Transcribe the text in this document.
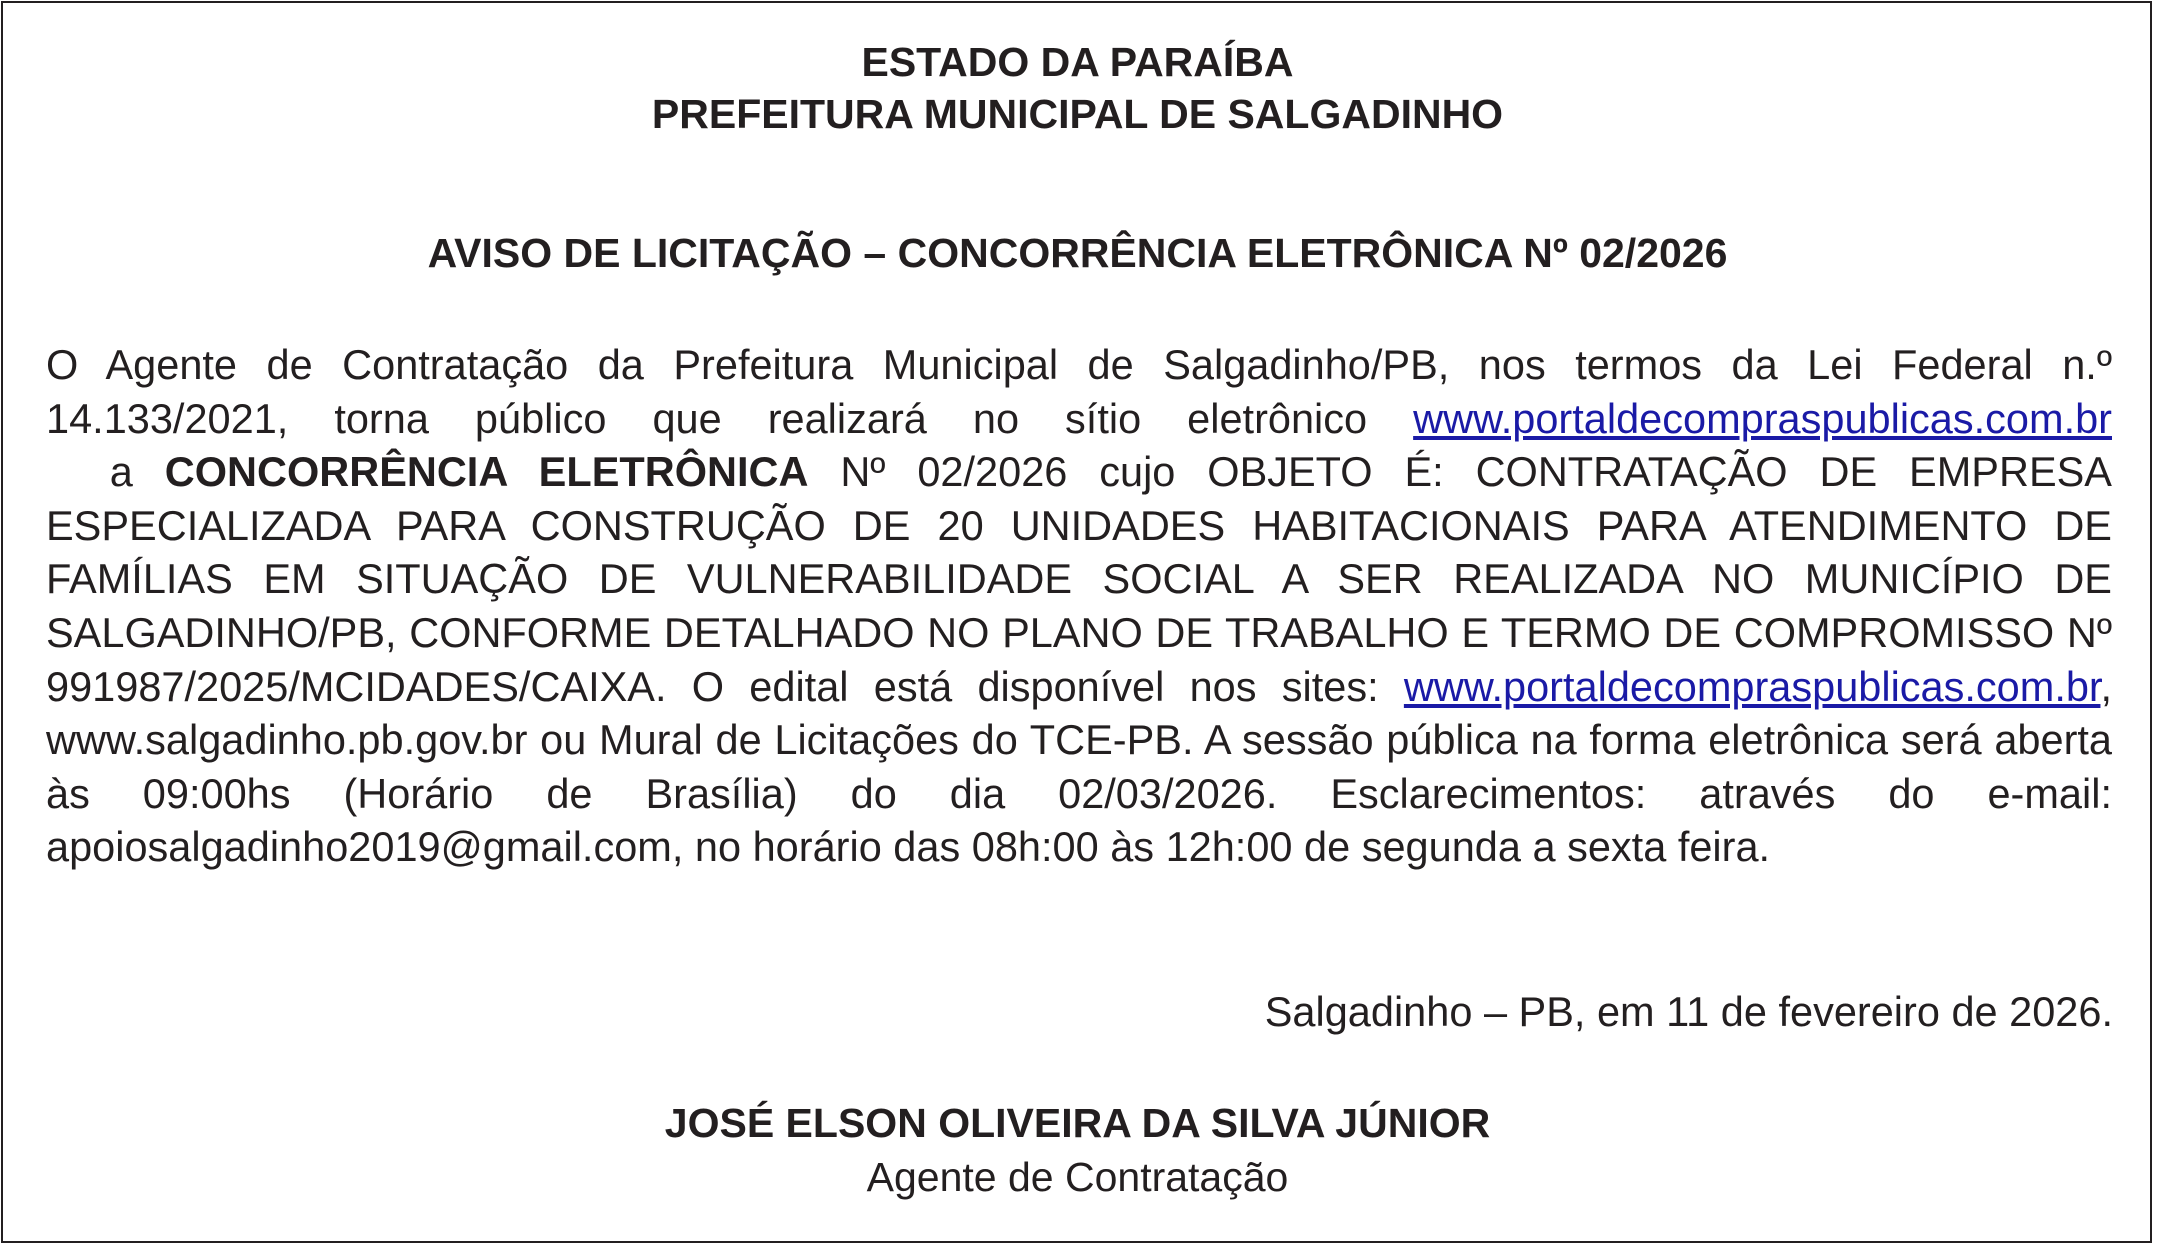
ESTADO DA PARAÍBA
PREFEITURA MUNICIPAL DE SALGADINHO
AVISO DE LICITAÇÃO – CONCORRÊNCIA ELETRÔNICA Nº 02/2026
O Agente de Contratação da Prefeitura Municipal de Salgadinho/PB, nos termos da Lei Federal n.º 14.133/2021, torna público que realizará no sítio eletrônico www.portaldecompraspublicas.com.br  a CONCORRÊNCIA ELETRÔNICA Nº 02/2026 cujo OBJETO É: CONTRATAÇÃO DE EMPRESA ESPECIALIZADA PARA CONSTRUÇÃO DE 20 UNIDADES HABITACIONAIS PARA ATENDIMENTO DE FAMÍLIAS EM SITUAÇÃO DE VULNERABILIDADE SOCIAL A SER REALIZADA NO MUNICÍPIO DE SALGADINHO/PB, CONFORME DETALHADO NO PLANO DE TRABALHO E TERMO DE COMPROMISSO Nº 991987/2025/MCIDADES/CAIXA. O edital está disponível nos sites: www.portaldecompraspublicas.com.br, www.salgadinho.pb.gov.br ou Mural de Licitações do TCE-PB. A sessão pública na forma eletrônica será aberta às 09:00hs (Horário de Brasília) do dia 02/03/2026. Esclarecimentos: através do e-mail: apoiosalgadinho2019@gmail.com, no horário das 08h:00 às 12h:00 de segunda a sexta feira.
Salgadinho – PB, em 11 de fevereiro de 2026.
JOSÉ ELSON OLIVEIRA DA SILVA JÚNIOR
Agente de Contratação
